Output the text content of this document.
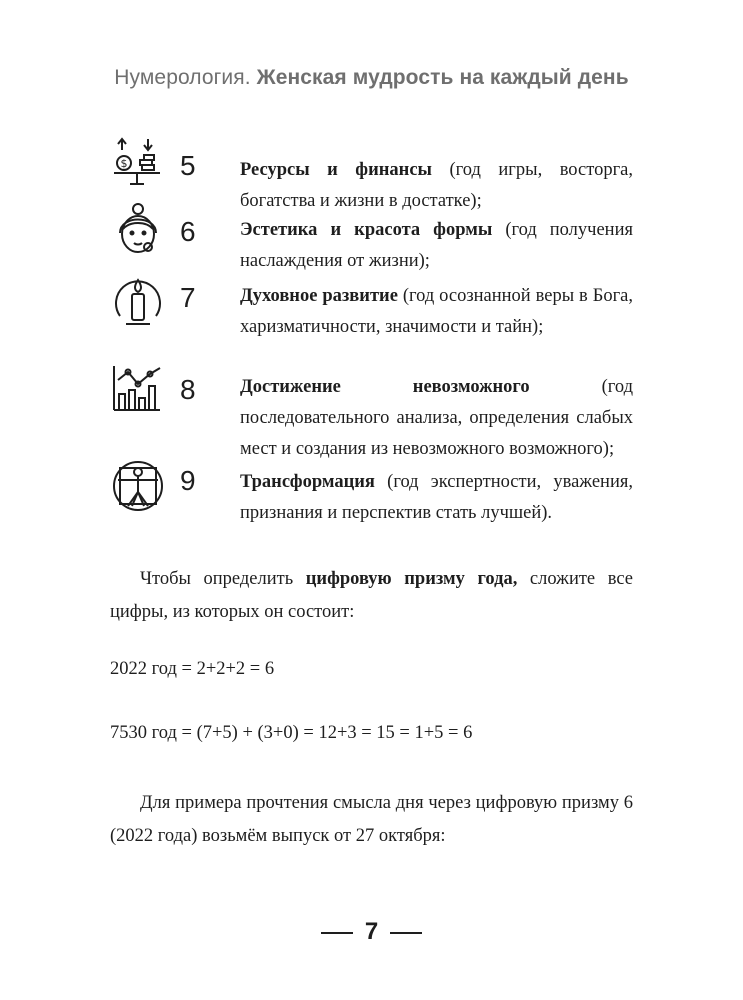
Нумерология. Женская мудрость на каждый день
$ 5 Ресурсы и финансы (год игры, восторга, богатства и жизни в достатке);
6 Эстетика и красота формы (год получения наслаждения от жизни);
7 Духовное развитие (год осознанной веры в Бога, харизматичности, значимости и тайн);
8 Достижение невозможного (год последовательного анализа, определения слабых мест и создания из невозможного возможного);
9 Трансформация (год экспертности, уважения, признания и перспектив стать лучшей).
Чтобы определить цифровую призму года, сложите все цифры, из которых он состоит:
2022 год = 2+2+2 = 6
7530 год = (7+5) + (3+0) = 12+3 = 15 = 1+5 = 6
Для примера прочтения смысла дня через цифровую призму 6 (2022 года) возьмём выпуск от 27 октября:
7
